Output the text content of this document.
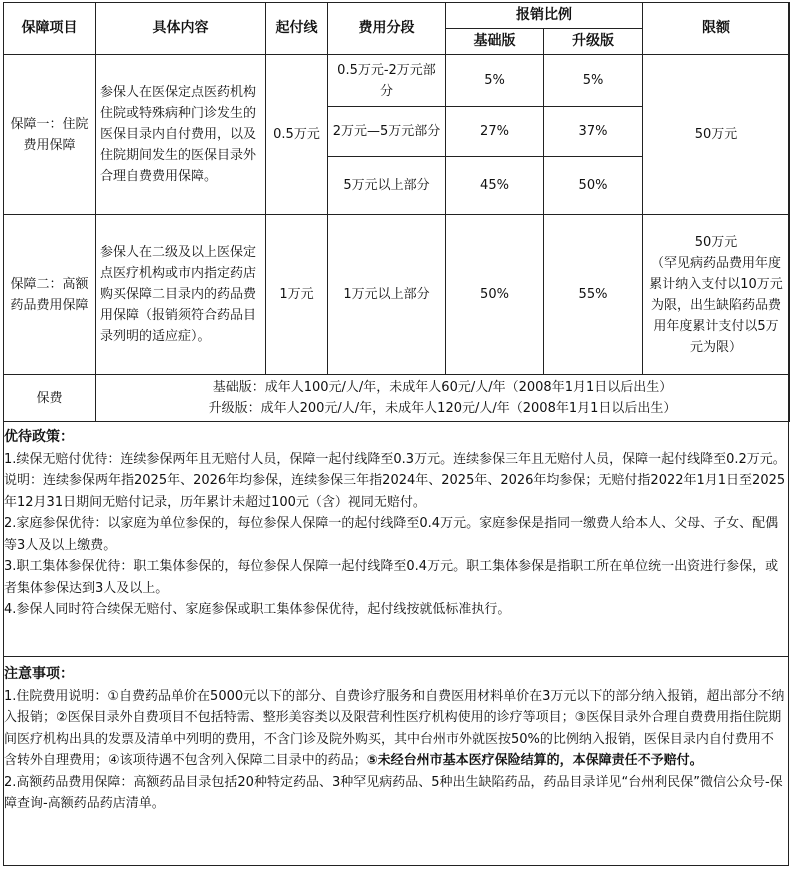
保障项目	具体内容	起付线	费用分段	报销比例		限额
				基础版	升级版	
保障一：住院费用保障	参保人在医保定点医药机构住院或特殊病种门诊发生的医保目录内自付费用，以及住院期间发生的医保目录外合理自费费用保障。	0.5万元	0.5万元-2万元部分	5%	5%	50万元
			2万元—5万元部分	27%	37%	
			5万元以上部分	45%	50%	
保障二：高额药品费用保障	参保人在二级及以上医保定点医疗机构或市内指定药店购买保障二目录内的药品费用保障（报销须符合药品目录列明的适应症）。	1万元	1万元以上部分	50%	55%	50万元
（罕见病药品费用年度累计纳入支付以10万元为限，出生缺陷药品费用年度累计支付以5万元为限）

保费	基础版：成年人100元/人/年，未成年人60元/人/年（2008年1月1日以后出生）
升级版：成年人200元/人/年，未成年人120元/人/年（2008年1月1日以后出生）					
优待政策：

1.续保无赔付优待：连续参保两年且无赔付人员，保障一起付线降至0.3万元。连续参保三年且无赔付人员，保障一起付线降至0.2万元。说明：连续参保两年指2025年、2026年均参保，连续参保三年指2024年、2025年、2026年均参保；无赔付指2022年1月1日至2025年12月31日期间无赔付记录，历年累计未超过100元（含）视同无赔付。

2.家庭参保优待：以家庭为单位参保的，每位参保人保障一的起付线降至0.4万元。家庭参保是指同一缴费人给本人、父母、子女、配偶等3人及以上缴费。

3.职工集体参保优待：职工集体参保的，每位参保人保障一起付线降至0.4万元。职工集体参保是指职工所在单位统一出资进行参保，或者集体参保达到3人及以上。

4.参保人同时符合续保无赔付、家庭参保或职工集体参保优待，起付线按就低标准执行。

注意事项：

1.住院费用说明：①自费药品单价在5000元以下的部分、自费诊疗服务和自费医用材料单价在3万元以下的部分纳入报销，超出部分不纳入报销；②医保目录外自费项目不包括特需、整形美容类以及限营利性医疗机构使用的诊疗等项目；③医保目录外合理自费费用指住院期间医疗机构出具的发票及清单中列明的费用，不含门诊及院外购买，其中台州市外就医按50%的比例纳入报销，医保目录内自付费用不含转外自理费用；④该项待遇不包含列入保障二目录中的药品；⑤未经台州市基本医疗保险结算的，本保障责任不予赔付。

2.高额药品费用保障：高额药品目录包括20种特定药品、3种罕见病药品、5种出生缺陷药品，药品目录详见“台州利民保”微信公众号-保障查询-高额药品药店清单。
